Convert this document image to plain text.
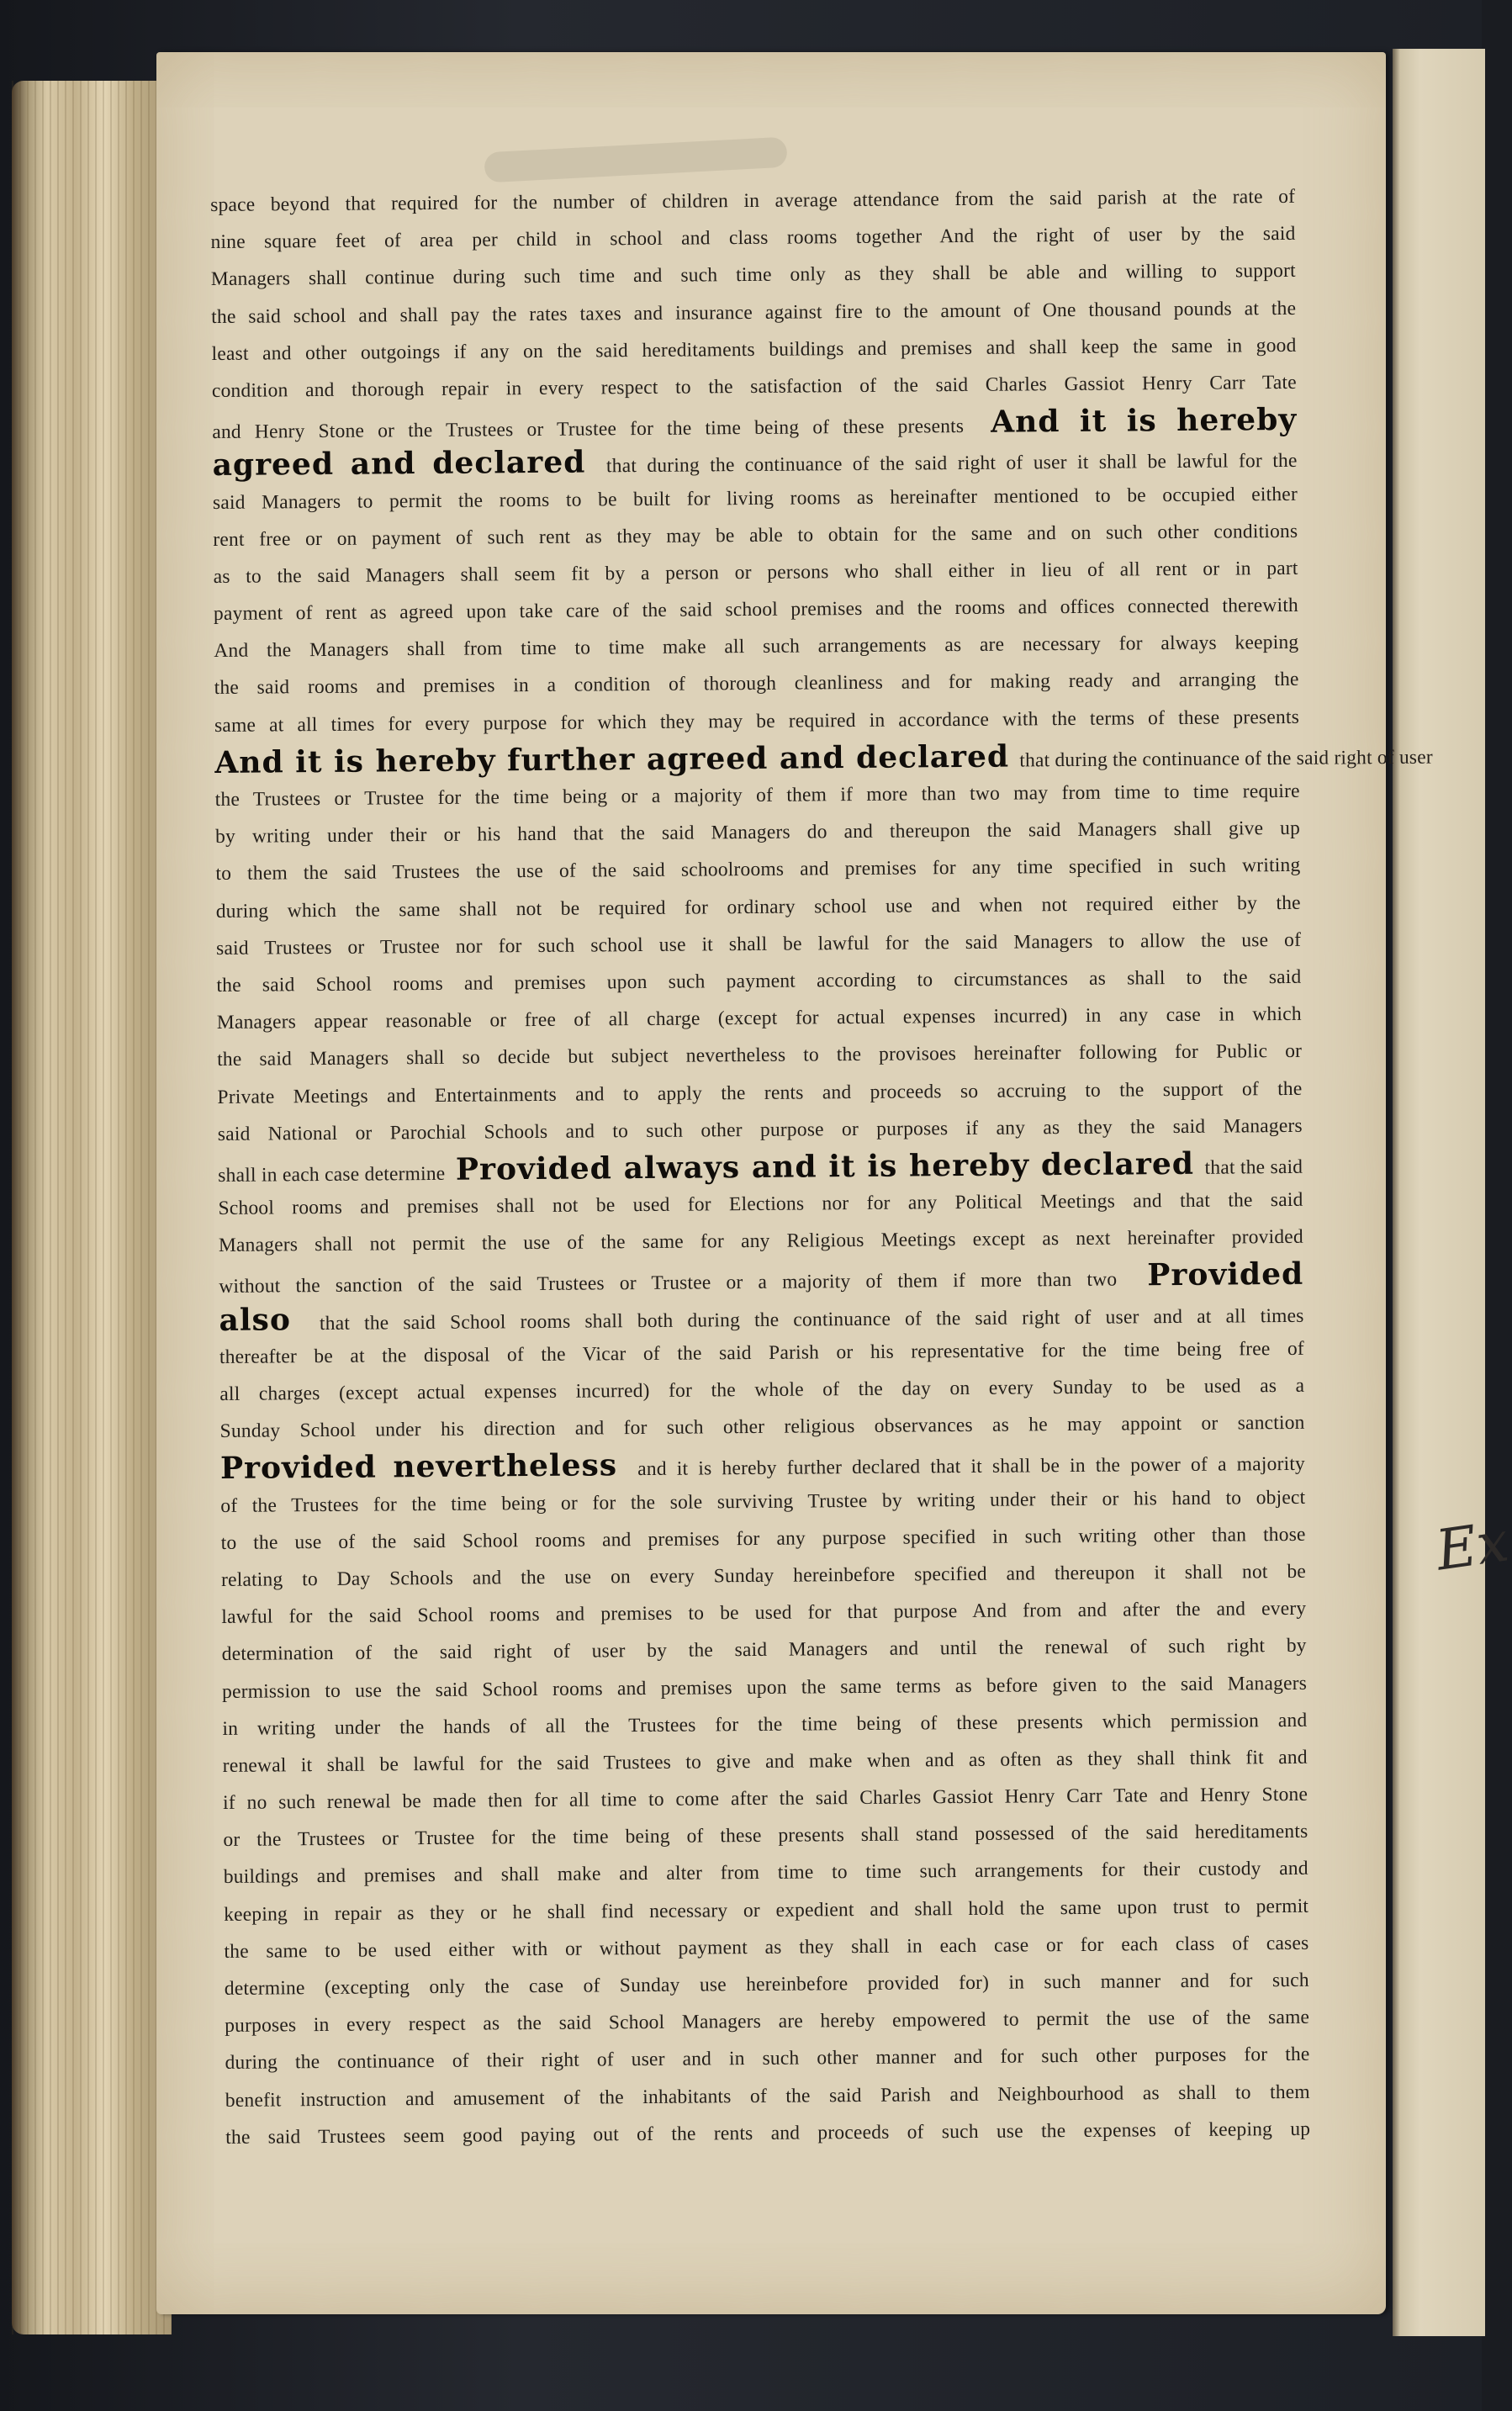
Ex
space beyond that required for the number of children in average attendance from the said parish at the rate of
nine square feet of area per child in school and class rooms together And the right of user by the said
Managers shall continue during such time and such time only as they shall be able and willing to support
the said school and shall pay the rates taxes and insurance against fire to the amount of One thousand pounds at the
least and other outgoings if any on the said hereditaments buildings and premises and shall keep the same in good
condition and thorough repair in every respect to the satisfaction of the said Charles Gassiot Henry Carr Tate
and Henry Stone or the Trustees or Trustee for the time being of these presents And it is hereby
agreed and declared that during the continuance of the said right of user it shall be lawful for the
said Managers to permit the rooms to be built for living rooms as hereinafter mentioned to be occupied either
rent free or on payment of such rent as they may be able to obtain for the same and on such other conditions
as to the said Managers shall seem fit by a person or persons who shall either in lieu of all rent or in part
payment of rent as agreed upon take care of the said school premises and the rooms and offices connected therewith
And the Managers shall from time to time make all such arrangements as are necessary for always keeping
the said rooms and premises in a condition of thorough cleanliness and for making ready and arranging the
same at all times for every purpose for which they may be required in accordance with the terms of these presents
And it is hereby further agreed and declared that during the continuance of the said right of user
the Trustees or Trustee for the time being or a majority of them if more than two may from time to time require
by writing under their or his hand that the said Managers do and thereupon the said Managers shall give up
to them the said Trustees the use of the said schoolrooms and premises for any time specified in such writing
during which the same shall not be required for ordinary school use and when not required either by the
said Trustees or Trustee nor for such school use it shall be lawful for the said Managers to allow the use of
the said School rooms and premises upon such payment according to circumstances as shall to the said
Managers appear reasonable or free of all charge (except for actual expenses incurred) in any case in which
the said Managers shall so decide but subject nevertheless to the provisoes hereinafter following for Public or
Private Meetings and Entertainments and to apply the rents and proceeds so accruing to the support of the
said National or Parochial Schools and to such other purpose or purposes if any as they the said Managers
shall in each case determine Provided always and it is hereby declared that the said
School rooms and premises shall not be used for Elections nor for any Political Meetings and that the said
Managers shall not permit the use of the same for any Religious Meetings except as next hereinafter provided
without the sanction of the said Trustees or Trustee or a majority of them if more than two Provided
also that the said School rooms shall both during the continuance of the said right of user and at all times
thereafter be at the disposal of the Vicar of the said Parish or his representative for the time being free of
all charges (except actual expenses incurred) for the whole of the day on every Sunday to be used as a
Sunday School under his direction and for such other religious observances as he may appoint or sanction
Provided nevertheless and it is hereby further declared that it shall be in the power of a majority
of the Trustees for the time being or for the sole surviving Trustee by writing under their or his hand to object
to the use of the said School rooms and premises for any purpose specified in such writing other than those
relating to Day Schools and the use on every Sunday hereinbefore specified and thereupon it shall not be
lawful for the said School rooms and premises to be used for that purpose And from and after the and every
determination of the said right of user by the said Managers and until the renewal of such right by
permission to use the said School rooms and premises upon the same terms as before given to the said Managers
in writing under the hands of all the Trustees for the time being of these presents which permission and
renewal it shall be lawful for the said Trustees to give and make when and as often as they shall think fit and
if no such renewal be made then for all time to come after the said Charles Gassiot Henry Carr Tate and Henry Stone
or the Trustees or Trustee for the time being of these presents shall stand possessed of the said hereditaments
buildings and premises and shall make and alter from time to time such arrangements for their custody and
keeping in repair as they or he shall find necessary or expedient and shall hold the same upon trust to permit
the same to be used either with or without payment as they shall in each case or for each class of cases
determine (excepting only the case of Sunday use hereinbefore provided for) in such manner and for such
purposes in every respect as the said School Managers are hereby empowered to permit the use of the same
during the continuance of their right of user and in such other manner and for such other purposes for the
benefit instruction and amusement of the inhabitants of the said Parish and Neighbourhood as shall to them
the said Trustees seem good paying out of the rents and proceeds of such use the expenses of keeping up
